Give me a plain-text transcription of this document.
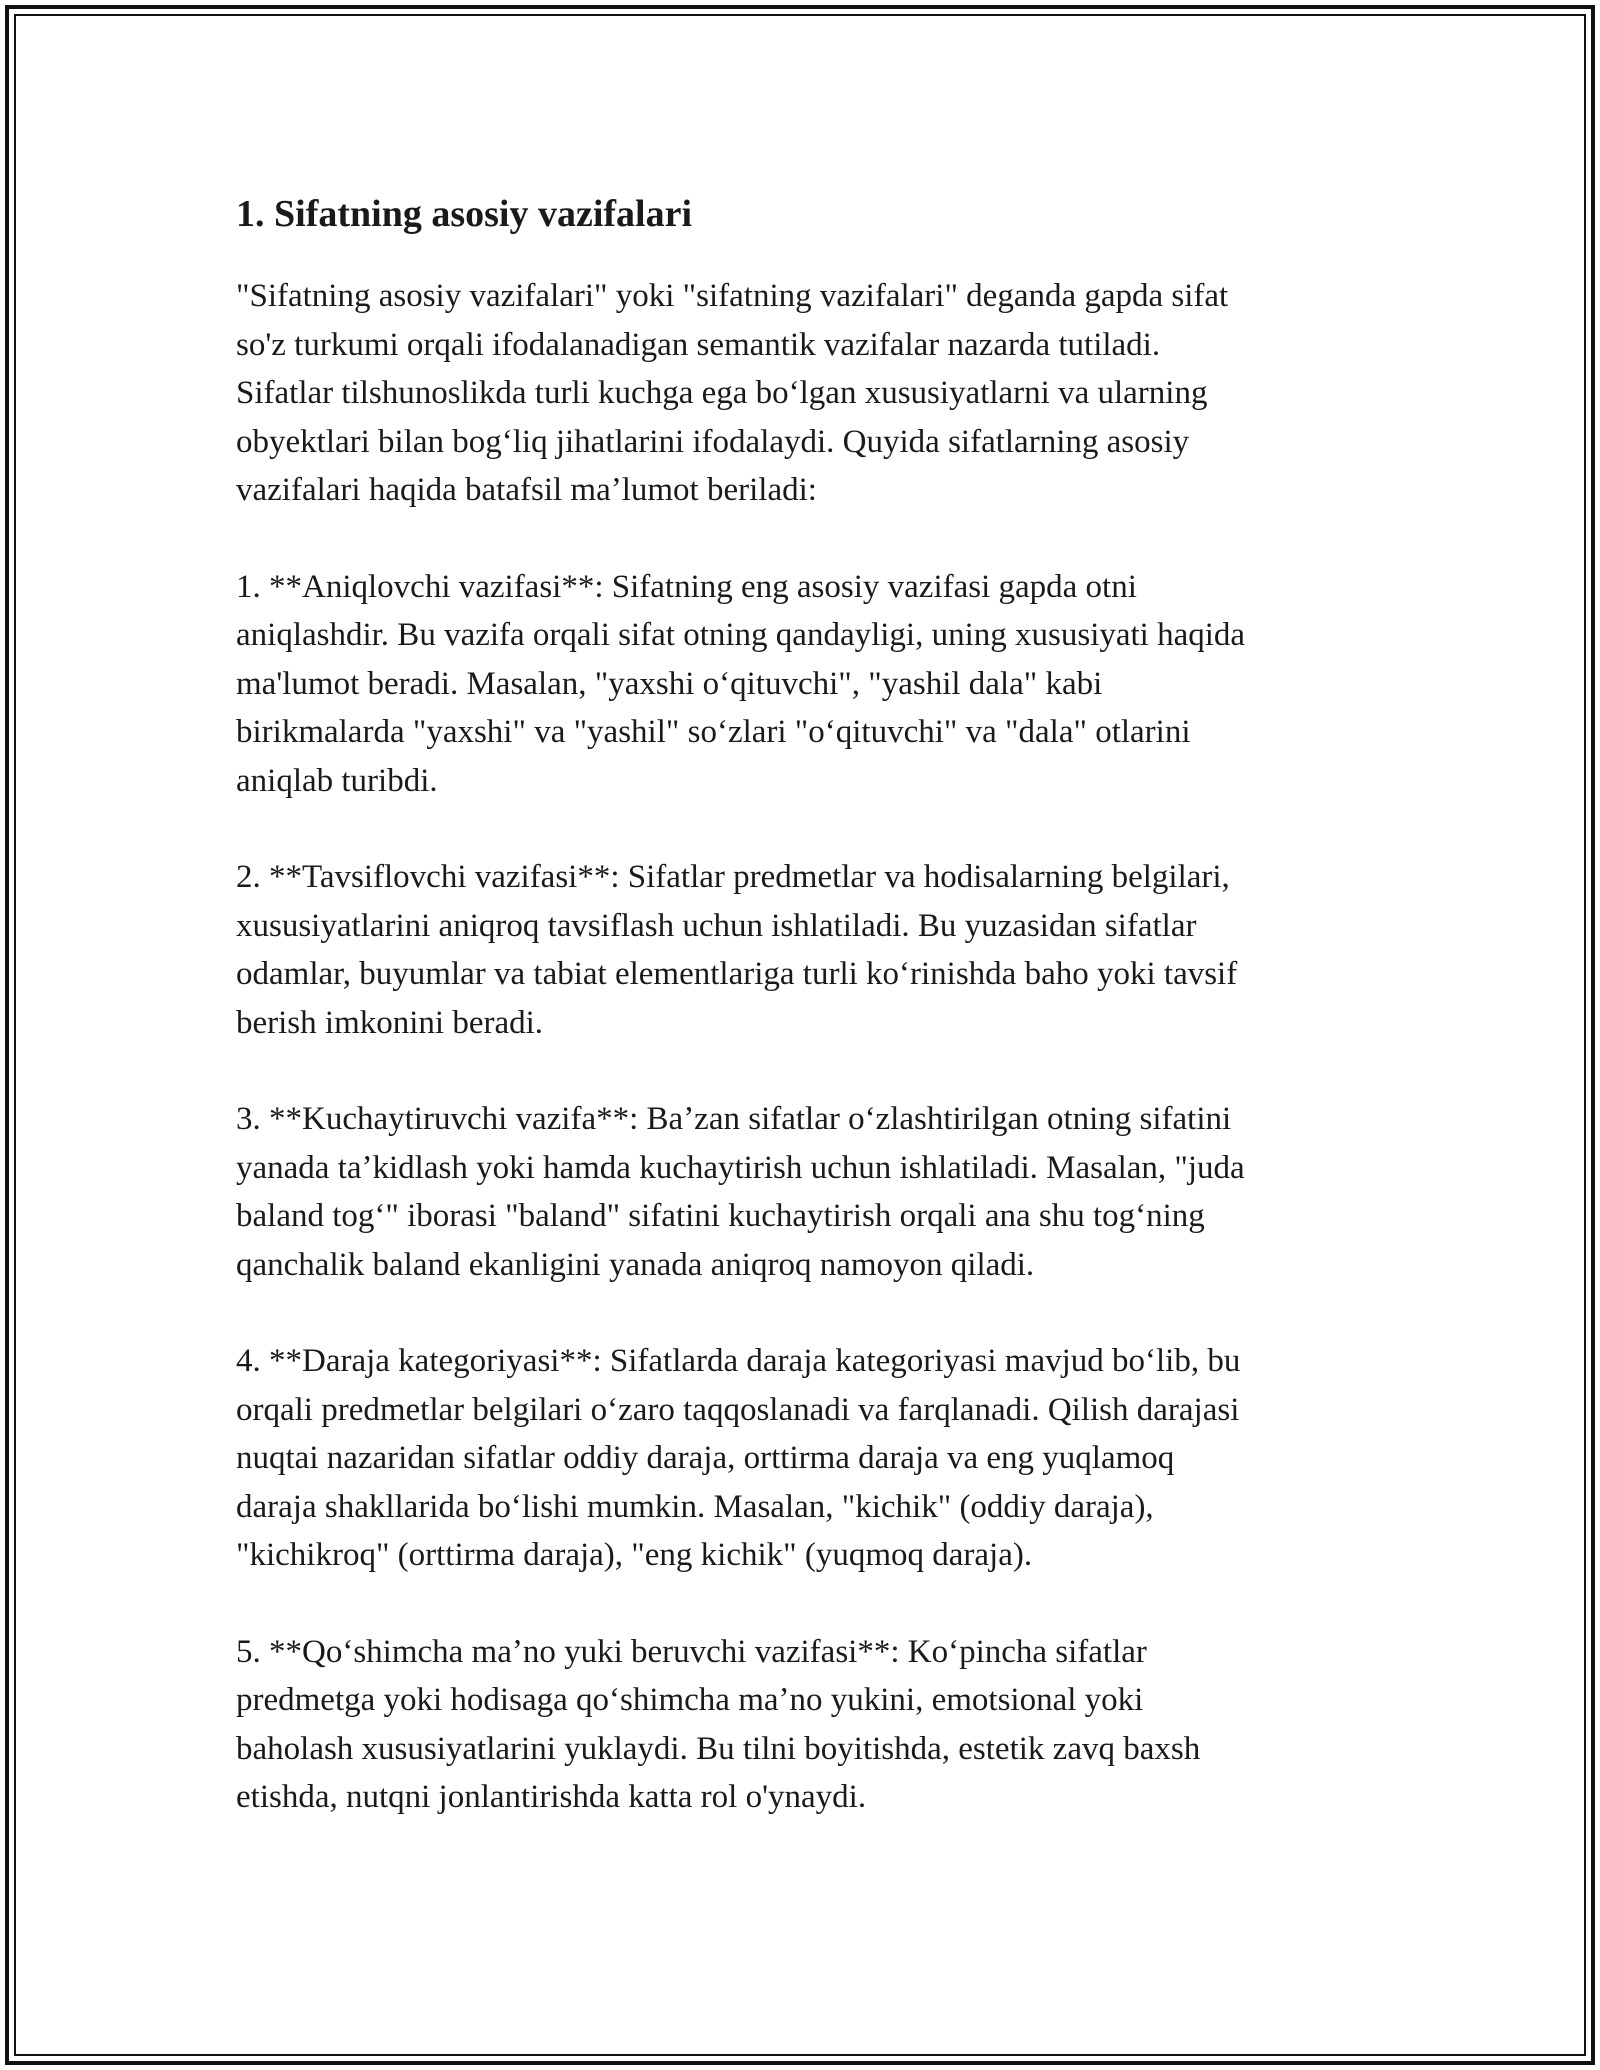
1. Sifatning asosiy vazifalari

"Sifatning asosiy vazifalari" yoki "sifatning vazifalari" deganda gapda sifat
so'z turkumi orqali ifodalanadigan semantik vazifalar nazarda tutiladi.
Sifatlar tilshunoslikda turli kuchga ega boʻlgan xususiyatlarni va ularning
obyektlari bilan bogʻliq jihatlarini ifodalaydi. Quyida sifatlarning asosiy
vazifalari haqida batafsil maʼlumot beriladi:

1. **Aniqlovchi vazifasi**: Sifatning eng asosiy vazifasi gapda otni
aniqlashdir. Bu vazifa orqali sifat otning qandayligi, uning xususiyati haqida
ma'lumot beradi. Masalan, "yaxshi oʻqituvchi", "yashil dala" kabi
birikmalarda "yaxshi" va "yashil" soʻzlari "oʻqituvchi" va "dala" otlarini
aniqlab turibdi.

2. **Tavsiflovchi vazifasi**: Sifatlar predmetlar va hodisalarning belgilari,
xususiyatlarini aniqroq tavsiflash uchun ishlatiladi. Bu yuzasidan sifatlar
odamlar, buyumlar va tabiat elementlariga turli koʻrinishda baho yoki tavsif
berish imkonini beradi.

3. **Kuchaytiruvchi vazifa**: Baʼzan sifatlar oʻzlashtirilgan otning sifatini
yanada taʼkidlash yoki hamda kuchaytirish uchun ishlatiladi. Masalan, "juda
baland togʻ" iborasi "baland" sifatini kuchaytirish orqali ana shu togʻning
qanchalik baland ekanligini yanada aniqroq namoyon qiladi.

4. **Daraja kategoriyasi**: Sifatlarda daraja kategoriyasi mavjud boʻlib, bu
orqali predmetlar belgilari oʻzaro taqqoslanadi va farqlanadi. Qilish darajasi
nuqtai nazaridan sifatlar oddiy daraja, orttirma daraja va eng yuqlamoq
daraja shakllarida boʻlishi mumkin. Masalan, "kichik" (oddiy daraja),
"kichikroq" (orttirma daraja), "eng kichik" (yuqmoq daraja).

5. **Qoʻshimcha maʼno yuki beruvchi vazifasi**: Koʻpincha sifatlar
predmetga yoki hodisaga qoʻshimcha maʼno yukini, emotsional yoki
baholash xususiyatlarini yuklaydi. Bu tilni boyitishda, estetik zavq baxsh
etishda, nutqni jonlantirishda katta rol o'ynaydi.
